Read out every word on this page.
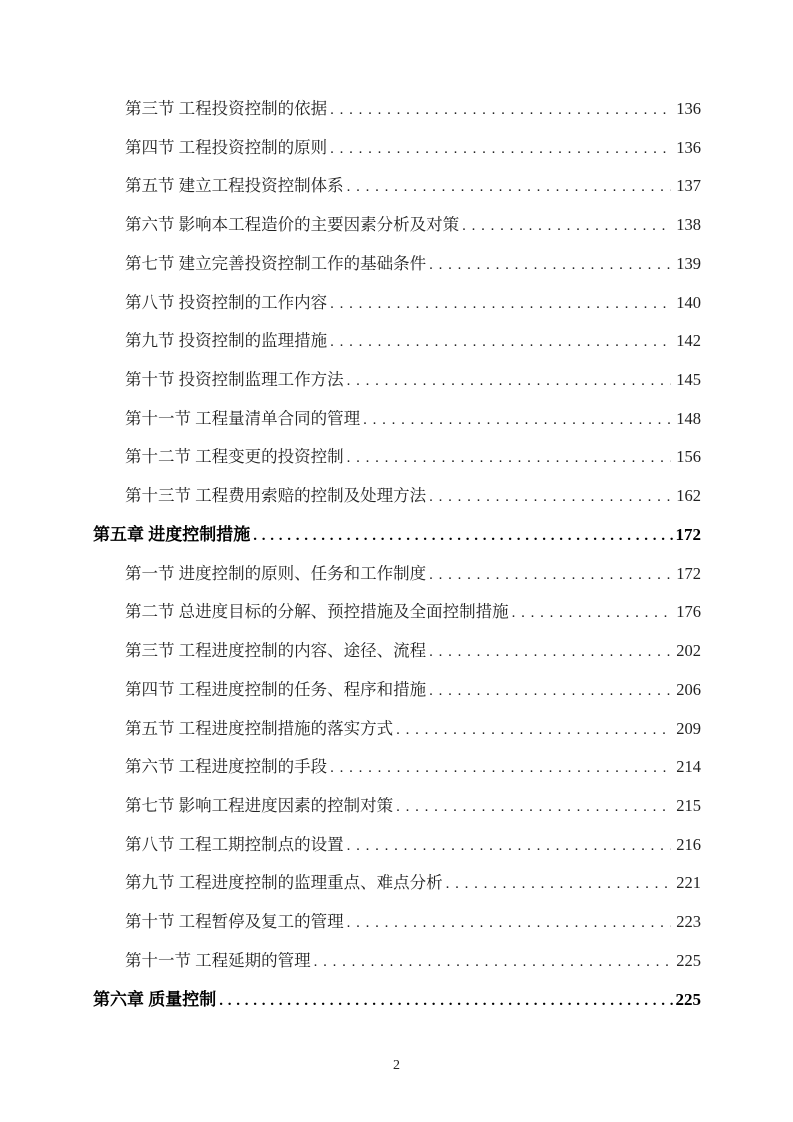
第三节 工程投资控制的依据 . . .	136
第四节 工程投资控制的原则 . . .	136
第五节 建立工程投资控制体系 . . .	137
第六节 影响本工程造价的主要因素分析及对策 . . .	138
第七节 建立完善投资控制工作的基础条件 . . .	139
第八节 投资控制的工作内容 . . .	140
第九节 投资控制的监理措施 . . .	142
第十节 投资控制监理工作方法 . . .	145
第十一节 工程量清单合同的管理 . . .	148
第十二节 工程变更的投资控制 . . .	156
第十三节 工程费用索赔的控制及处理方法 . . .	162
第五章 进度控制措施 . . .	172
第一节 进度控制的原则、任务和工作制度 . . .	172
第二节 总进度目标的分解、预控措施及全面控制措施 . . .	176
第三节 工程进度控制的内容、途径、流程 . . .	202
第四节 工程进度控制的任务、程序和措施 . . .	206
第五节 工程进度控制措施的落实方式 . . .	209
第六节 工程进度控制的手段 . . .	214
第七节 影响工程进度因素的控制对策 . . .	215
第八节 工程工期控制点的设置 . . .	216
第九节 工程进度控制的监理重点、难点分析 . . .	221
第十节 工程暂停及复工的管理 . . .	223
第十一节 工程延期的管理 . . .	225
第六章 质量控制 . . .	225
2
